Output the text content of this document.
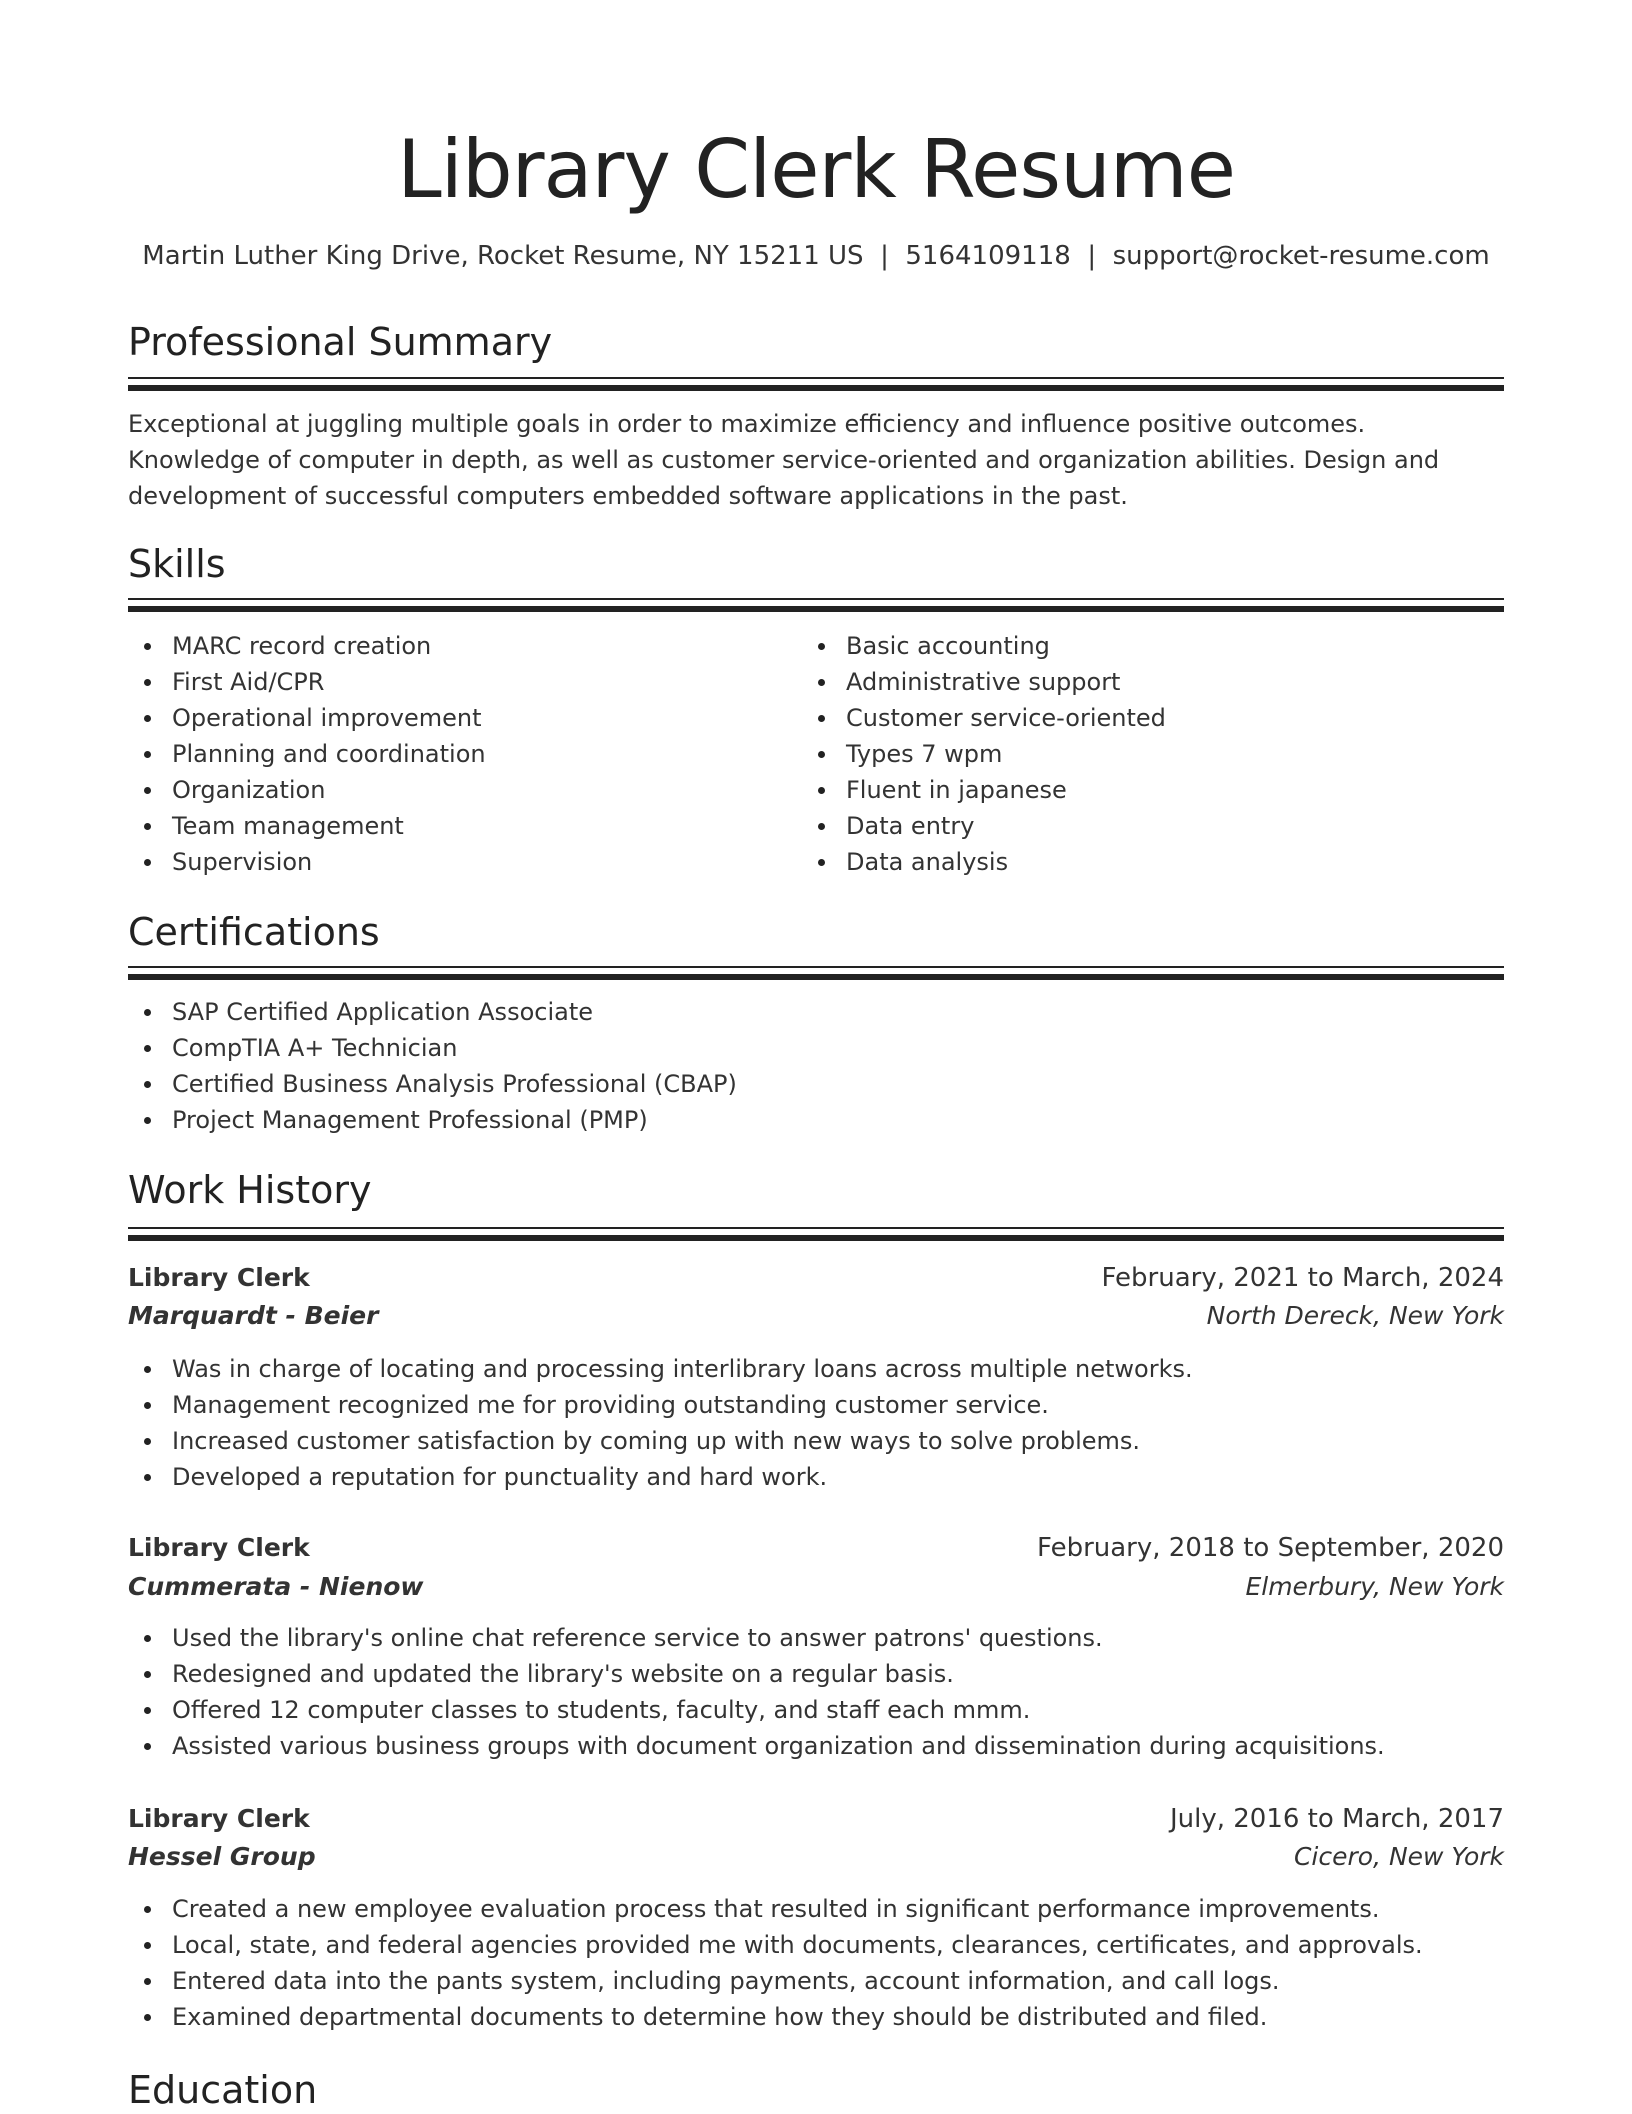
Library Clerk Resume
Martin Luther King Drive, Rocket Resume, NY 15211 US  |  5164109118  |  support@rocket-resume.com
Professional Summary
Exceptional at juggling multiple goals in order to maximize efficiency and influence positive outcomes. Knowledge of computer in depth, as well as customer service-oriented and organization abilities. Design and development of successful computers embedded software applications in the past.
Skills
MARC record creation
First Aid/CPR
Operational improvement
Planning and coordination
Organization
Team management
Supervision
Basic accounting
Administrative support
Customer service-oriented
Types 7 wpm
Fluent in japanese
Data entry
Data analysis
Certifications
SAP Certified Application Associate
CompTIA A+ Technician
Certified Business Analysis Professional (CBAP)
Project Management Professional (PMP)
Work History
Library Clerk	February, 2021 to March, 2024
Marquardt - Beier	North Dereck, New York
Was in charge of locating and processing interlibrary loans across multiple networks.
Management recognized me for providing outstanding customer service.
Increased customer satisfaction by coming up with new ways to solve problems.
Developed a reputation for punctuality and hard work.
Library Clerk	February, 2018 to September, 2020
Cummerata - Nienow	Elmerbury, New York
Used the library's online chat reference service to answer patrons' questions.
Redesigned and updated the library's website on a regular basis.
Offered 12 computer classes to students, faculty, and staff each mmm.
Assisted various business groups with document organization and dissemination during acquisitions.
Library Clerk	July, 2016 to March, 2017
Hessel Group	Cicero, New York
Created a new employee evaluation process that resulted in significant performance improvements.
Local, state, and federal agencies provided me with documents, clearances, certificates, and approvals.
Entered data into the pants system, including payments, account information, and call logs.
Examined departmental documents to determine how they should be distributed and filed.
Education
